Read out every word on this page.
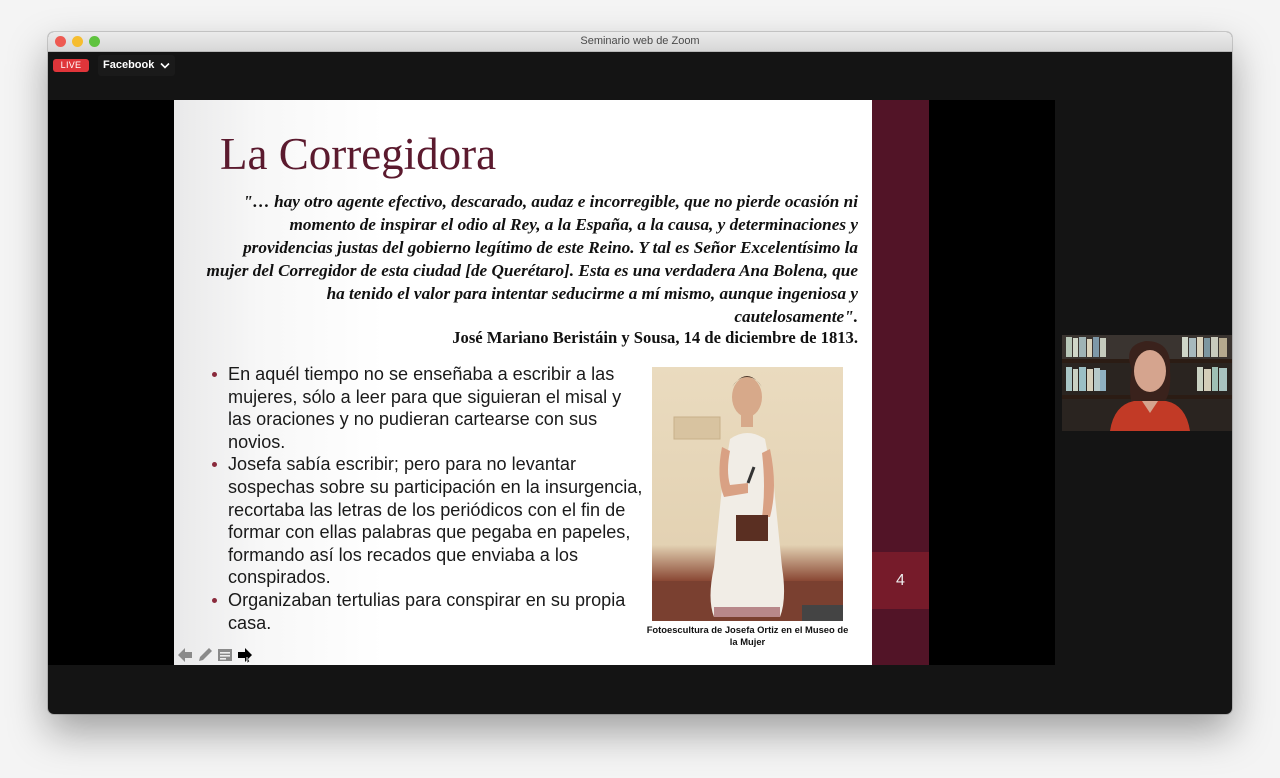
Seminario web de Zoom
LIVE	Facebook
La Corregidora
"… hay otro agente efectivo, descarado, audaz e incorregible, que no pierde ocasión ni momento de inspirar el odio al Rey, a la España, a la causa, y determinaciones y providencias justas del gobierno legítimo de este Reino. Y tal es Señor Excelentísimo la mujer del Corregidor de esta ciudad [de Querétaro]. Esta es una verdadera Ana Bolena, que ha tenido el valor para intentar seducirme a mí mismo, aunque ingeniosa y cautelosamente".
José Mariano Beristáin y Sousa, 14 de diciembre de 1813.
En aquél tiempo no se enseñaba a escribir a las mujeres, sólo a leer para que siguieran el misal y las oraciones y no pudieran cartearse con sus novios.
Josefa sabía escribir; pero para no levantar sospechas sobre su participación en la insurgencia, recortaba las letras de los periódicos con el fin de formar con ellas palabras que pegaba en papeles, formando así los recados que enviaba a los conspirados.
Organizaban tertulias para conspirar en su propia casa.	Fotoescultura de Josefa Ortiz en el Museo de la Mujer
4
